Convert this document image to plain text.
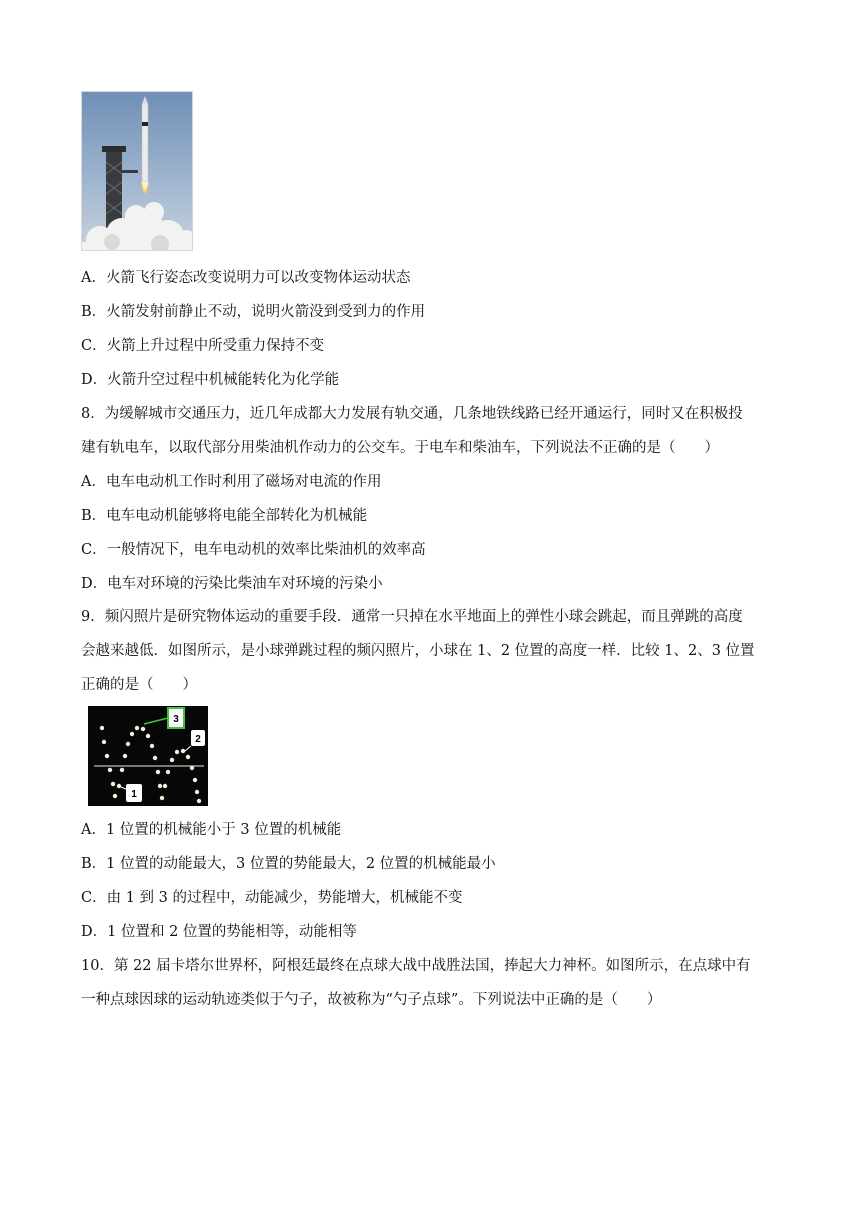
A．火箭飞行姿态改变说明力可以改变物体运动状态
B．火箭发射前静止不动，说明火箭没到受到力的作用
C．火箭上升过程中所受重力保持不变
D．火箭升空过程中机械能转化为化学能
8．为缓解城市交通压力，近几年成都大力发展有轨交通，几条地铁线路已经开通运行，同时又在积极投
建有轨电车，以取代部分用柴油机作动力的公交车。于电车和柴油车，下列说法不正确的是（　　）
A．电车电动机工作时利用了磁场对电流的作用
B．电车电动机能够将电能全部转化为机械能
C．一般情况下，电车电动机的效率比柴油机的效率高
D．电车对环境的污染比柴油车对环境的污染小
9．频闪照片是研究物体运动的重要手段．通常一只掉在水平地面上的弹性小球会跳起，而且弹跳的高度
会越来越低．如图所示，是小球弹跳过程的频闪照片，小球在 1、2 位置的高度一样．比较 1、2、3 位置
正确的是（　　）
3
2
1
A．1 位置的机械能小于 3 位置的机械能
B．1 位置的动能最大，3 位置的势能最大，2 位置的机械能最小
C．由 1 到 3 的过程中，动能减少，势能增大，机械能不变
D．1 位置和 2 位置的势能相等，动能相等
10．第 22 届卡塔尔世界杯，阿根廷最终在点球大战中战胜法国，捧起大力神杯。如图所示，在点球中有
一种点球因球的运动轨迹类似于勺子，故被称为“勺子点球”。下列说法中正确的是（　　）
